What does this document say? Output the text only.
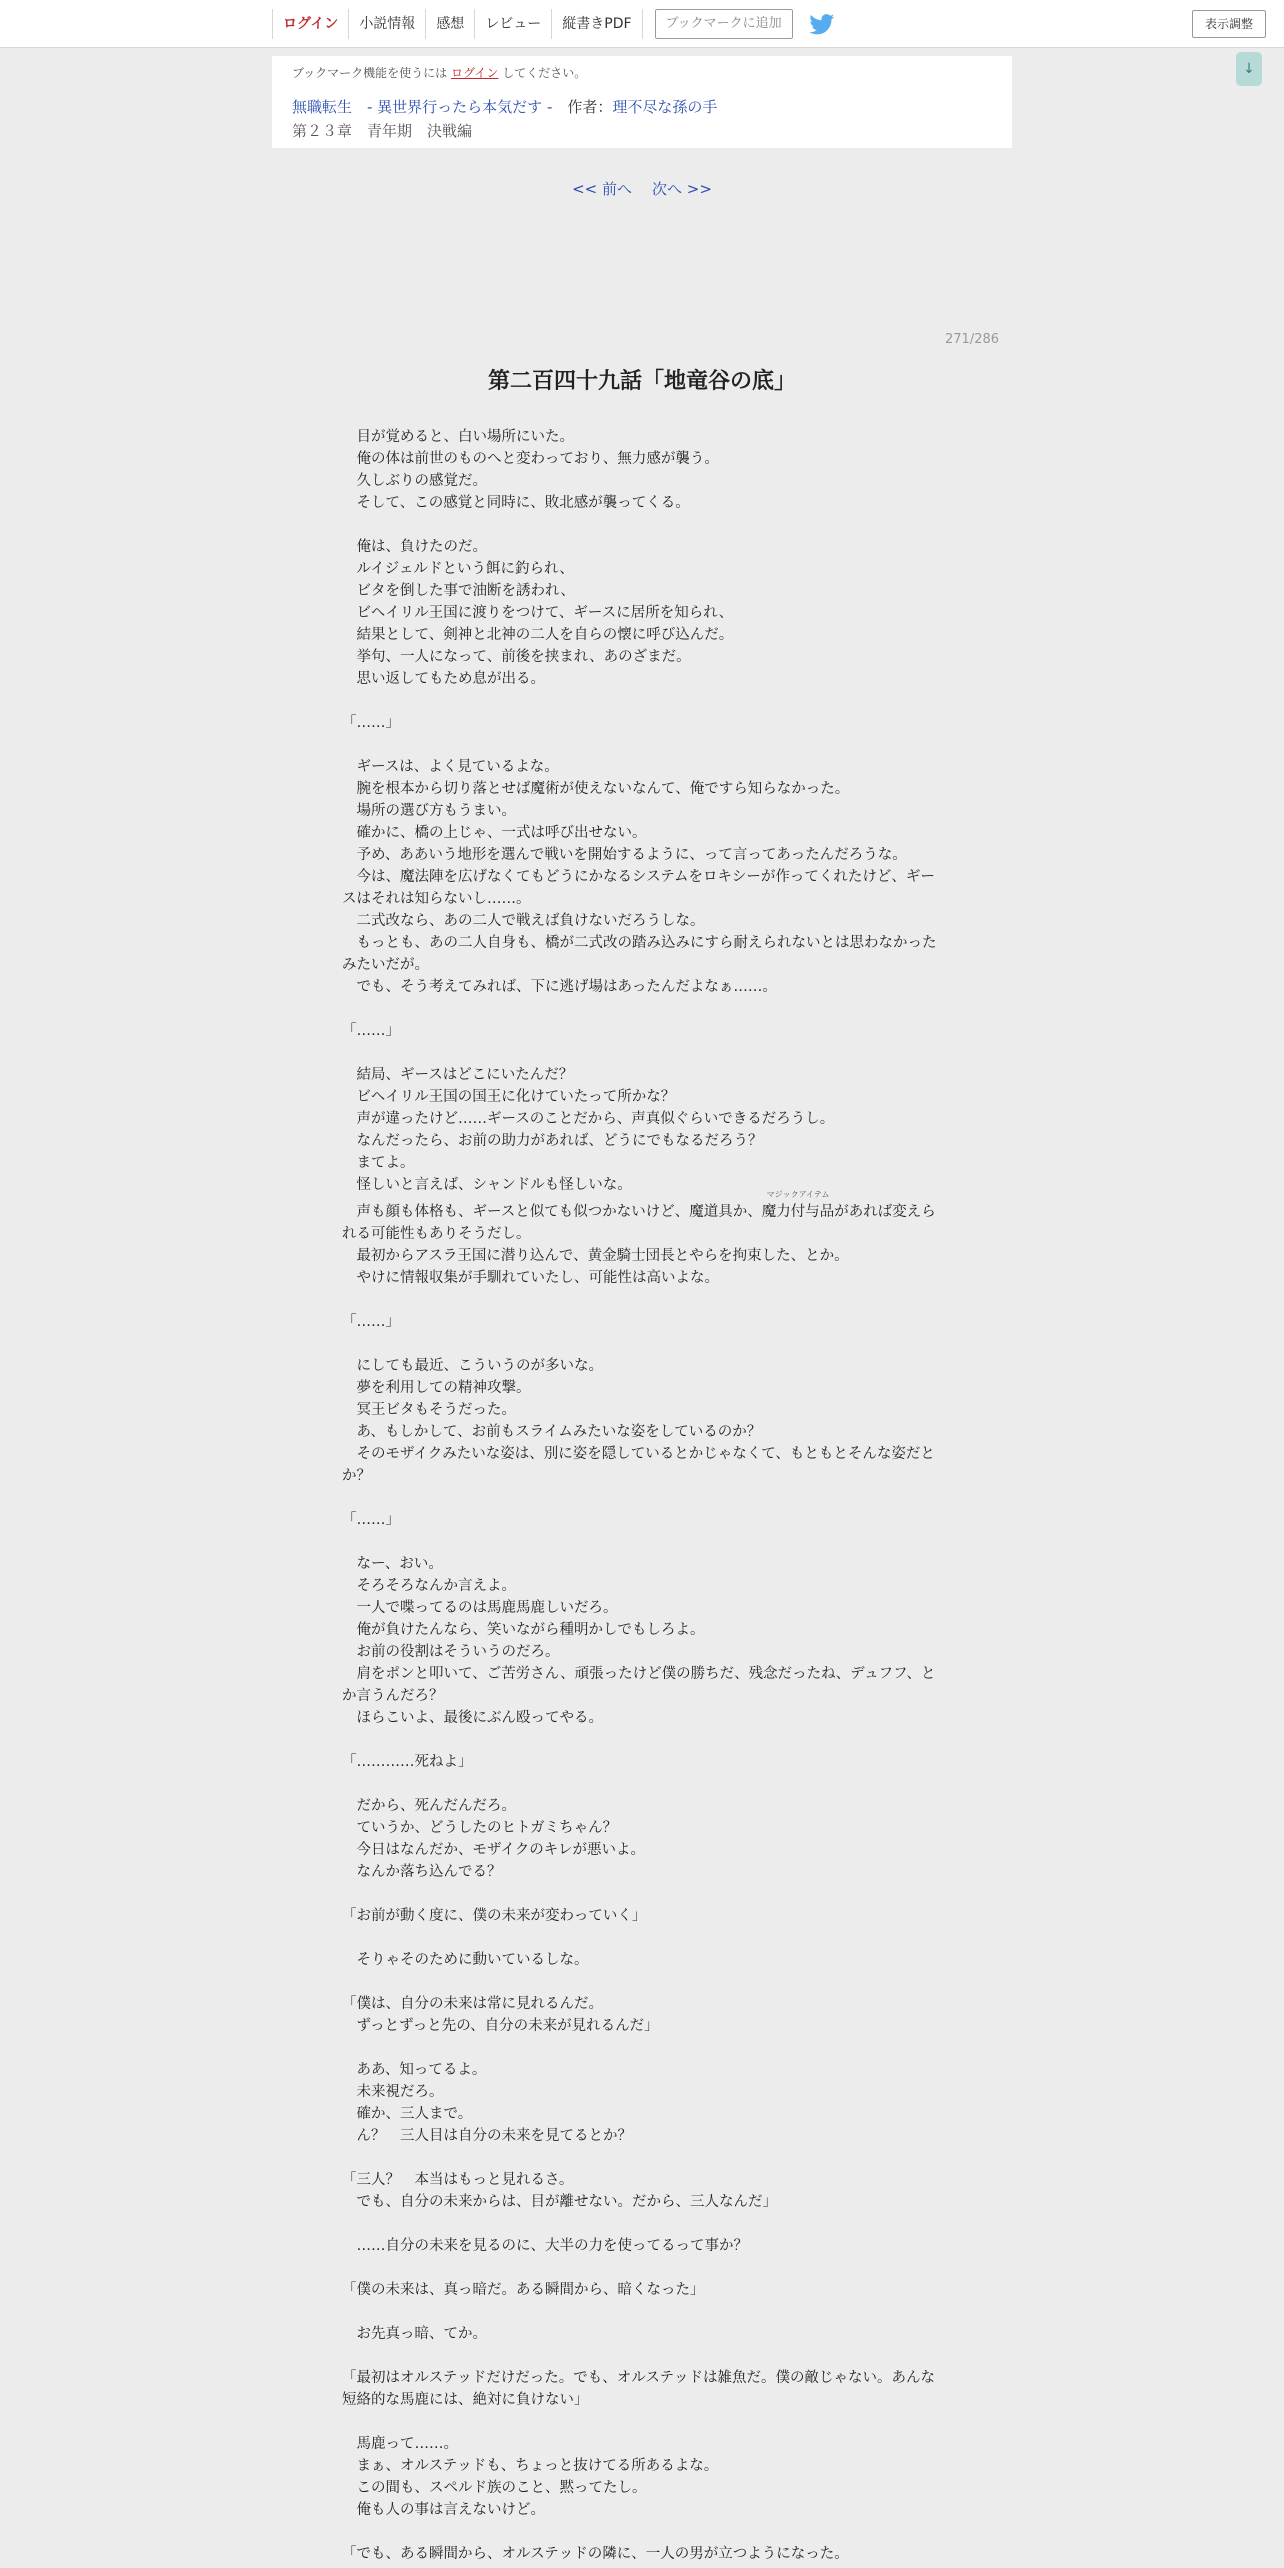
ログイン	小説情報	感想	レビュー	縦書きPDF	ブックマークに追加	表示調整
↓
ブックマーク機能を使うには ログイン してください。
無職転生　- 異世界行ったら本気だす -　作者：理不尽な孫の手
第２３章　青年期　決戦編
<< 前へ 次へ >>
271/286
第二百四十九話「地竜谷の底」

　目が覚めると、白い場所にいた。

　俺の体は前世のものへと変わっており、無力感が襲う。

　久しぶりの感覚だ。

　そして、この感覚と同時に、敗北感が襲ってくる。

　俺は、負けたのだ。

　ルイジェルドという餌に釣られ、

　ビタを倒した事で油断を誘われ、

　ビヘイリル王国に渡りをつけて、ギースに居所を知られ、

　結果として、剣神と北神の二人を自らの懐に呼び込んだ。

　挙句、一人になって、前後を挟まれ、あのざまだ。

　思い返してもため息が出る。

「……」

　ギースは、よく見ているよな。

　腕を根本から切り落とせば魔術が使えないなんて、俺ですら知らなかった。

　場所の選び方もうまい。

　確かに、橋の上じゃ、一式は呼び出せない。

　予め、ああいう地形を選んで戦いを開始するように、って言ってあったんだろうな。

　今は、魔法陣を広げなくてもどうにかなるシステムをロキシーが作ってくれたけど、ギースはそれは知らないし……。

　二式改なら、あの二人で戦えば負けないだろうしな。

　もっとも、あの二人自身も、橋が二式改の踏み込みにすら耐えられないとは思わなかったみたいだが。

　でも、そう考えてみれば、下に逃げ場はあったんだよなぁ……。

「……」

　結局、ギースはどこにいたんだ？

　ビヘイリル王国の国王に化けていたって所かな？

　声が違ったけど……ギースのことだから、声真似ぐらいできるだろうし。

　なんだったら、お前の助力があれば、どうにでもなるだろう？

　まてよ。

　怪しいと言えば、シャンドルも怪しいな。

　声も顔も体格も、ギースと似ても似つかないけど、魔道具か、魔力付与品
マジックアイテム
があれば変えられる可能性もありそうだし。

　最初からアスラ王国に潜り込んで、黄金騎士団長とやらを拘束した、とか。

　やけに情報収集が手馴れていたし、可能性は高いよな。

「……」

　にしても最近、こういうのが多いな。

　夢を利用しての精神攻撃。

　冥王ビタもそうだった。

　あ、もしかして、お前もスライムみたいな姿をしているのか？

　そのモザイクみたいな姿は、別に姿を隠しているとかじゃなくて、もともとそんな姿だとか？

「……」

　なー、おい。

　そろそろなんか言えよ。

　一人で喋ってるのは馬鹿馬鹿しいだろ。

　俺が負けたんなら、笑いながら種明かしでもしろよ。

　お前の役割はそういうのだろ。

　肩をポンと叩いて、ご苦労さん、頑張ったけど僕の勝ちだ、残念だったね、デュフフ、とか言うんだろ？

　ほらこいよ、最後にぶん殴ってやる。

「…………死ねよ」

　だから、死んだんだろ。

　ていうか、どうしたのヒトガミちゃん？

　今日はなんだか、モザイクのキレが悪いよ。

　なんか落ち込んでる？

「お前が動く度に、僕の未来が変わっていく」

　そりゃそのために動いているしな。

「僕は、自分の未来は常に見れるんだ。

　ずっとずっと先の、自分の未来が見れるんだ」

　ああ、知ってるよ。

　未来視だろ。

　確か、三人まで。

　ん？　三人目は自分の未来を見てるとか？

「三人？　本当はもっと見れるさ。

　でも、自分の未来からは、目が離せない。だから、三人なんだ」

　……自分の未来を見るのに、大半の力を使ってるって事か？

「僕の未来は、真っ暗だ。ある瞬間から、暗くなった」

　お先真っ暗、てか。

「最初はオルステッドだけだった。でも、オルステッドは雑魚だ。僕の敵じゃない。あんな短絡的な馬鹿には、絶対に負けない」

　馬鹿って……。

　まぁ、オルステッドも、ちょっと抜けてる所あるよな。

　この間も、スペルド族のこと、黙ってたし。

　俺も人の事は言えないけど。

「でも、ある瞬間から、オルステッドの隣に、一人の男が立つようになった。
